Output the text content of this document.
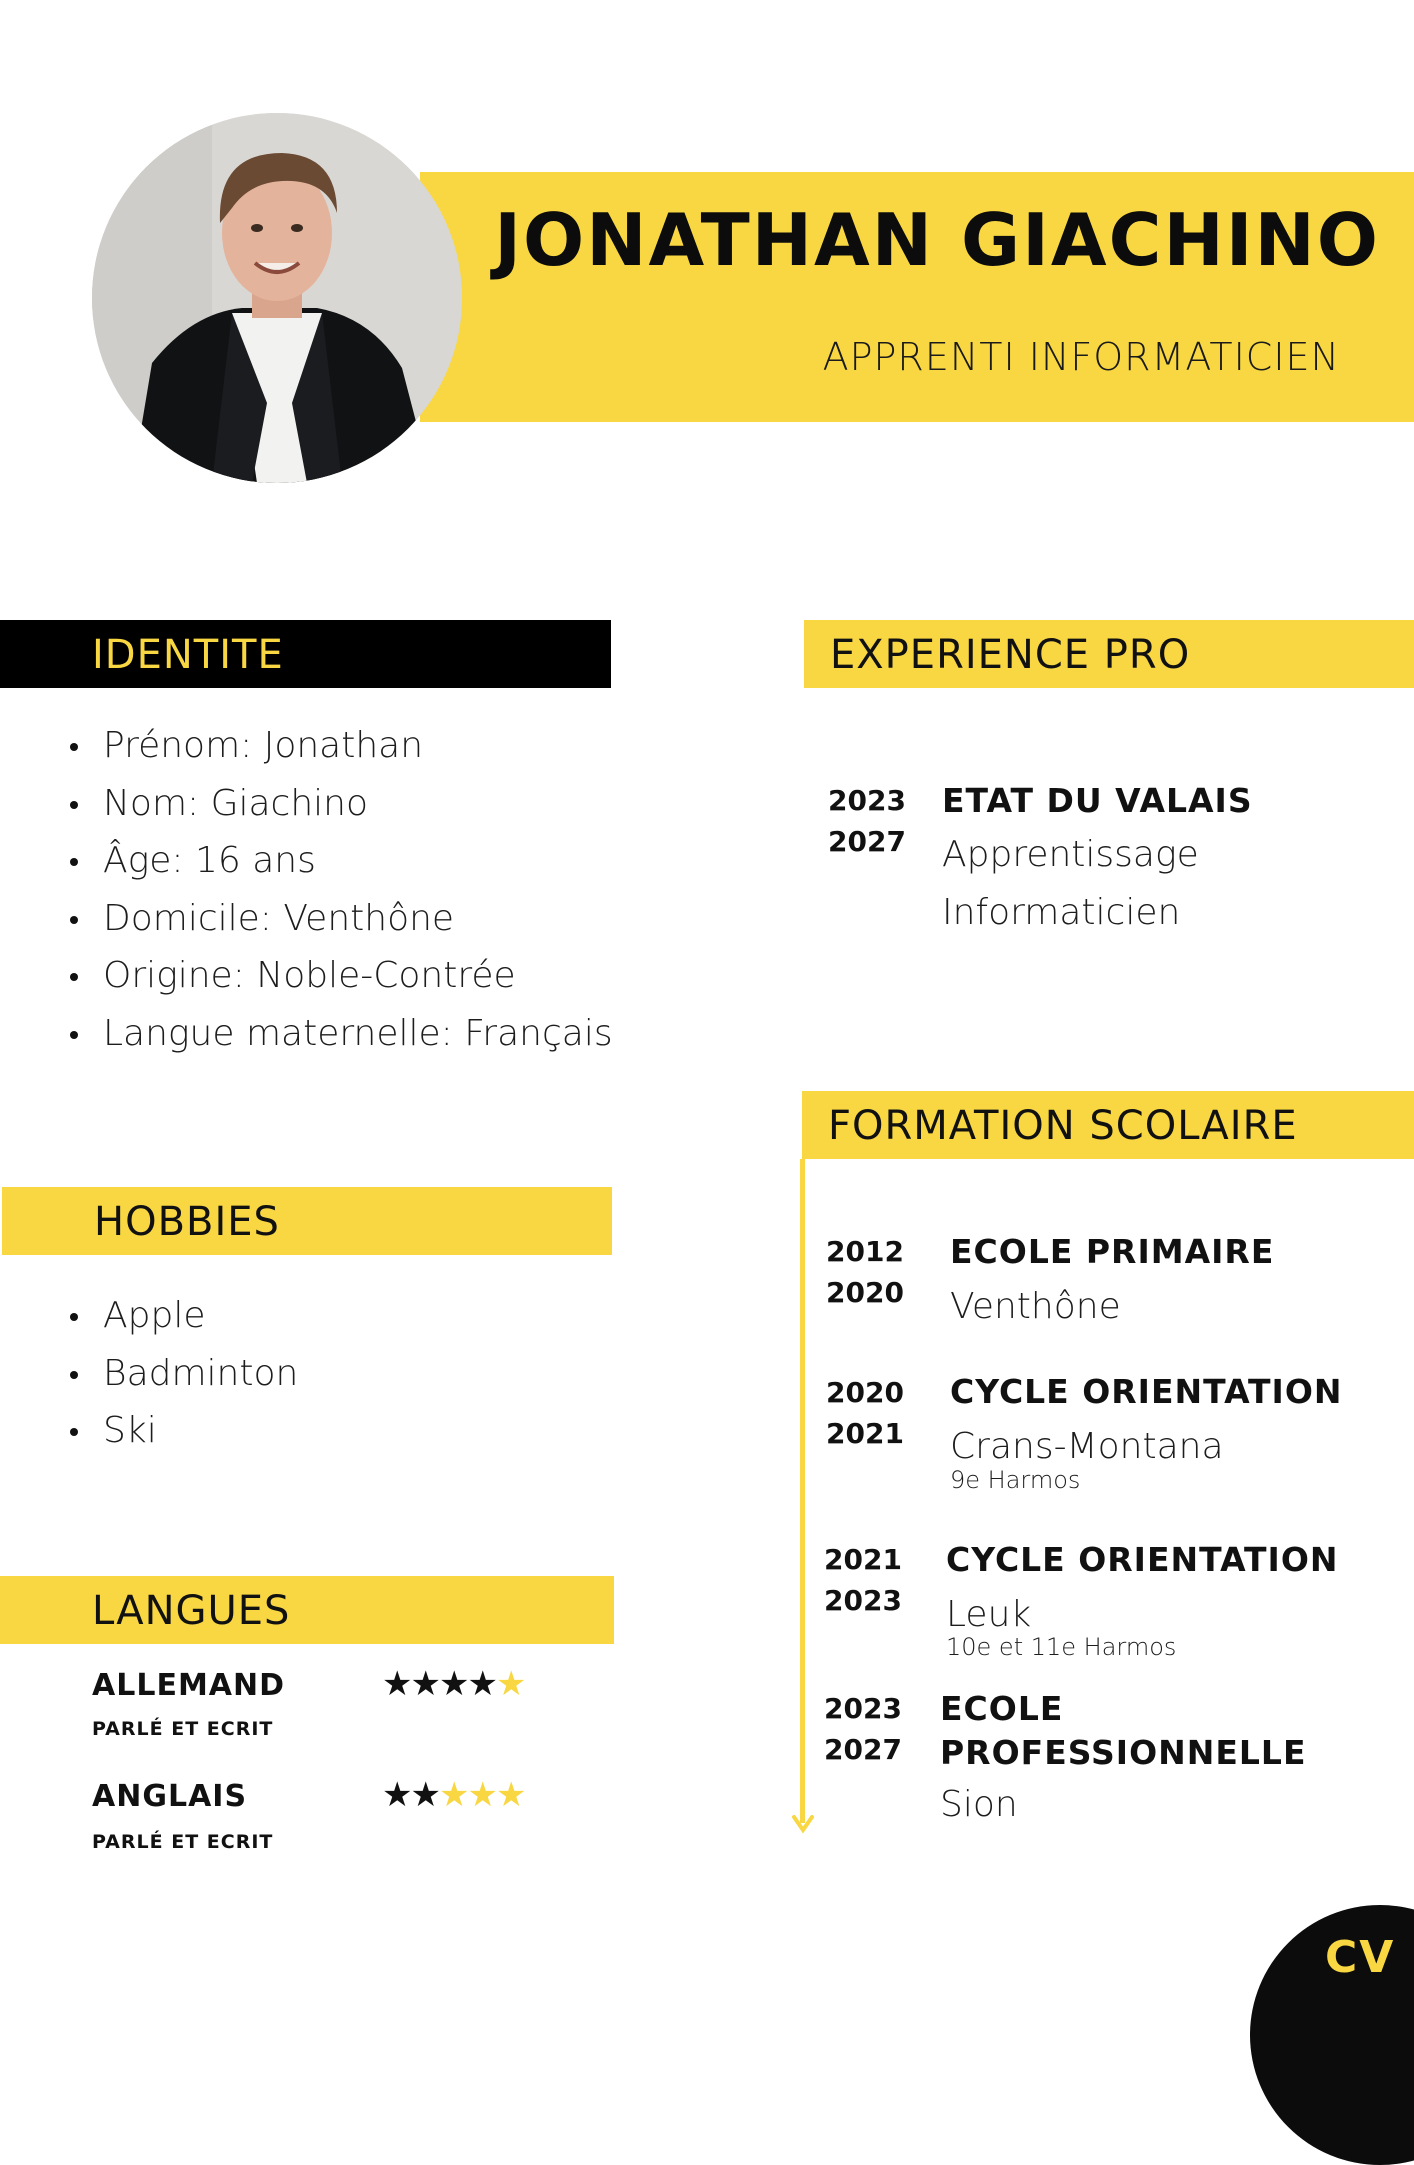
JONATHAN GIACHINO
APPRENTI INFORMATICIEN
IDENTITE
Prénom: Jonathan
Nom: Giachino
Âge: 16 ans
Domicile: Venthône
Origine: Noble-Contrée
Langue maternelle: Français
HOBBIES
Apple
Badminton
Ski
LANGUES
ALLEMAND
PARLÉ ET ECRIT
★★★★★
ANGLAIS
PARLÉ ET ECRIT
★★★★★
EXPERIENCE PRO
2023
2027
ETAT DU VALAIS
Apprentissage
Informaticien
FORMATION SCOLAIRE
2012
2020
ECOLE PRIMAIRE
Venthône
2020
2021
CYCLE ORIENTATION
Crans-Montana
9e Harmos
2021
2023
CYCLE ORIENTATION
Leuk
10e et 11e Harmos
2023
2027
ECOLE
PROFESSIONNELLE
Sion
CV
